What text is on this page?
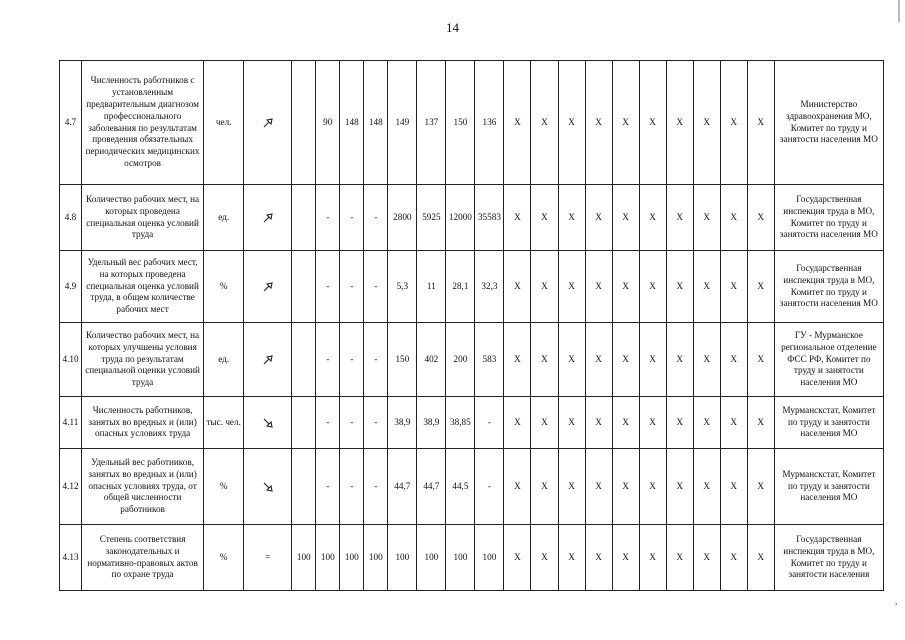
14
4.7	Численность работников с установленным предварительным диагнозом профессионального заболевания по результатам проведения обязательных периодических медицинских осмотров	чел.			90	148	148	149	137	150	136	Х	Х	Х	Х	Х	Х	Х	Х	Х	Х	Министерство здравоохранения МО, Комитет по труду и занятости населения МО
4.8	Количество рабочих мест, на которых проведена специальная оценка условий труда	ед.			-	-	-	2800	5925	12000	35583	Х	Х	Х	Х	Х	Х	Х	Х	Х	Х	Государственная инспекция труда в МО, Комитет по труду и занятости населения МО
4.9	Удельный вес рабочих мест, на которых проведена специальная оценка условий труда, в общем количестве рабочих мест	%			-	-	-	5,3	11	28,1	32,3	Х	Х	Х	Х	Х	Х	Х	Х	Х	Х	Государственная инспекция труда в МО, Комитет по труду и занятости населения МО
4.10	Количество рабочих мест, на которых улучшены условия труда по результатам специальной оценки условий труда	ед.			-	-	-	150	402	200	583	Х	Х	Х	Х	Х	Х	Х	Х	Х	Х	ГУ - Мурманское региональное отделение ФСС РФ, Комитет по труду и занятости населения МО
4.11	Численность работников, занятых во вредных и (или) опасных условиях труда	тыс. чел.			-	-	-	38,9	38,9	38,85	-	Х	Х	Х	Х	Х	Х	Х	Х	Х	Х	Мурманскстат, Комитет по труду и занятости населения МО
4.12	Удельный вес работников, занятых во вредных и (или) опасных условиях труда, от общей численности работников	%			-	-	-	44,7	44,7	44,5	-	Х	Х	Х	Х	Х	Х	Х	Х	Х	Х	Мурманскстат, Комитет по труду и занятости населения МО
4.13	Степень соответствия законодательных и нормативно-правовых актов по охране труда	%	=	100	100	100	100	100	100	100	100	Х	Х	Х	Х	Х	Х	Х	Х	Х	Х	Государственная инспекция труда в МО, Комитет по труду и занятости населения
,
